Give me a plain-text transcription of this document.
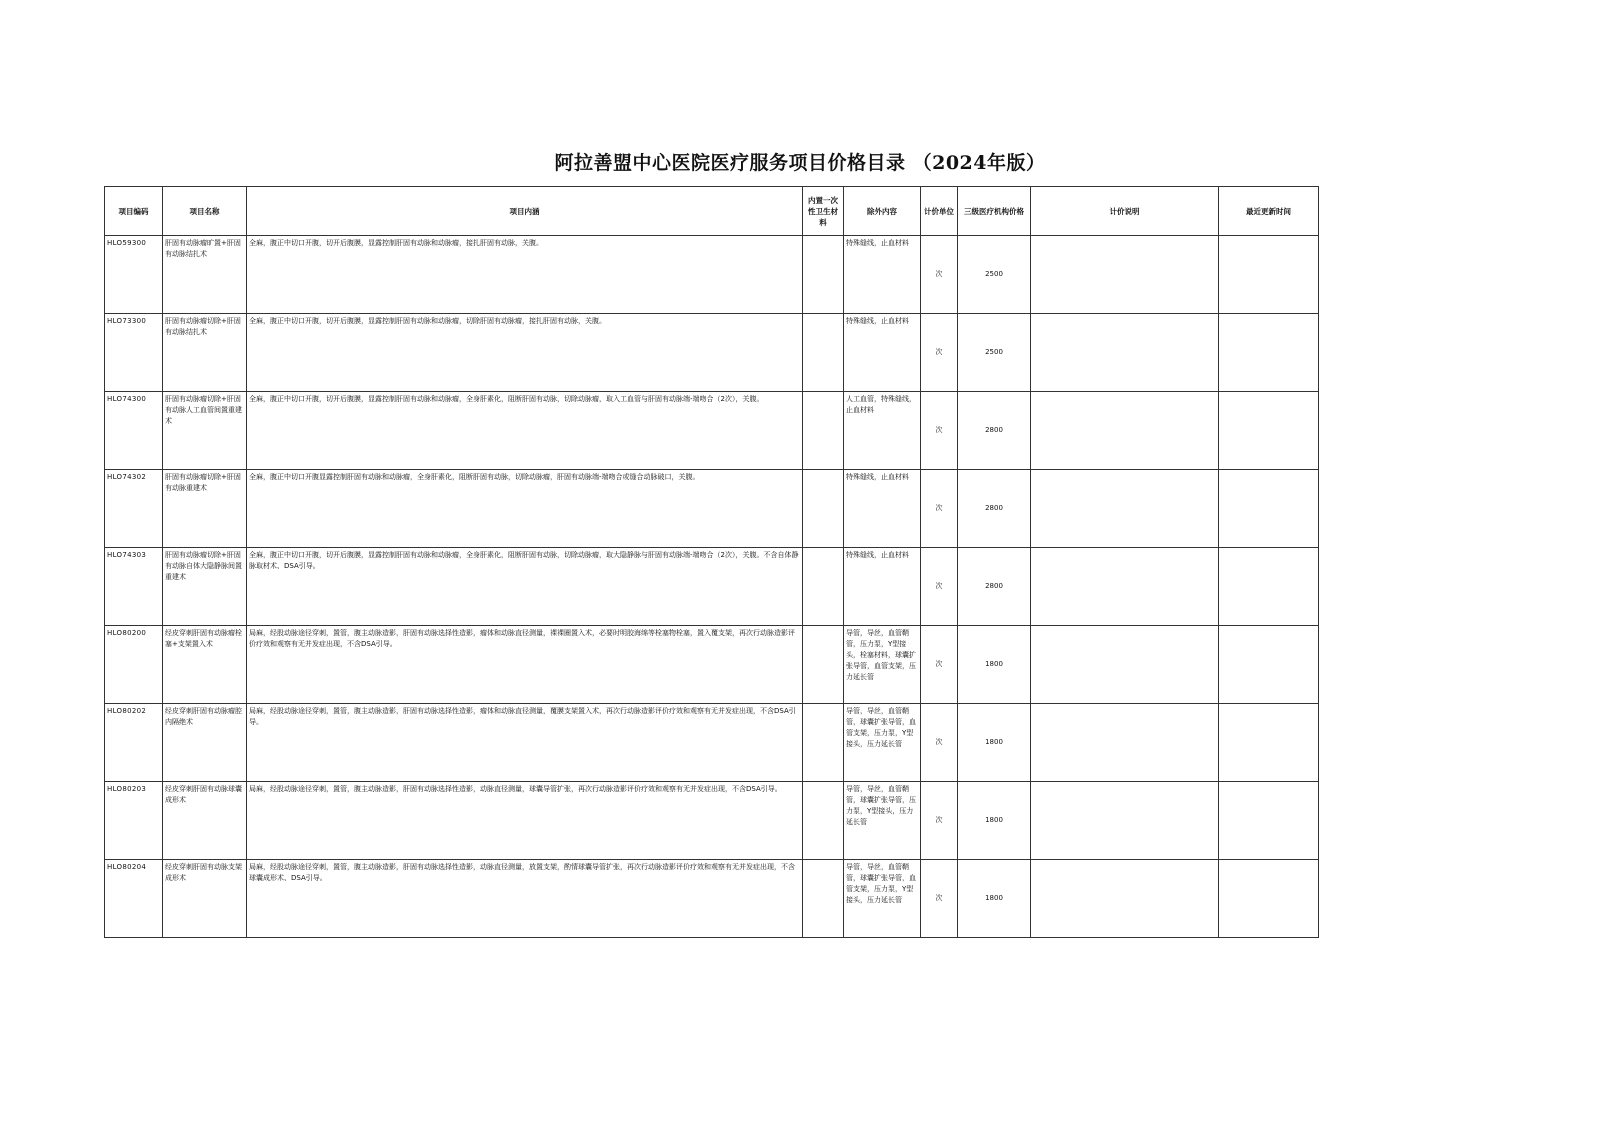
阿拉善盟中心医院医疗服务项目价格目录 （2024年版）
项目编码	项目名称	项目内涵	内置一次性卫生材料	除外内容	计价单位	三级医疗机构价格	计价说明	最近更新时间
HLO59300	肝固有动脉瘤旷置+肝固有动脉结扎术	全麻，腹正中切口开腹，切开后腹膜，显露控制肝固有动脉和动脉瘤，接扎肝固有动脉，关腹。		特殊缝线，止血材料	次	2500		
HLO73300	肝固有动脉瘤切除+肝固有动脉结扎术	全麻，腹正中切口开腹，切开后腹膜，显露控制肝固有动脉和动脉瘤，切除肝固有动脉瘤，接扎肝固有动脉，关腹。		特殊缝线，止血材料	次	2500		
HLO74300	肝固有动脉瘤切除+肝固有动脉人工血管间置重建术	全麻，腹正中切口开腹，切开后腹膜，显露控制肝固有动脉和动脉瘤，全身肝素化，阻断肝固有动脉，切除动脉瘤，取入工血管与肝固有动脉端-端吻合（2次），关腹。		人工血管，特殊缝线，止血材料	次	2800		
HLO74302	肝固有动脉瘤切除+肝固有动脉重建术	全麻，腹正中切口开腹显露控制肝固有动脉和动脉瘤，全身肝素化，阻断肝固有动脉，切除动脉瘤，肝固有动脉端-端吻合或缝合动脉破口，关腹。		特殊缝线，止血材料	次	2800		
HLO74303	肝固有动脉瘤切除+肝固有动脉自体大隐静脉间置重建术	全麻，腹正中切口开腹，切开后腹膜，显露控制肝固有动脉和动脉瘤，全身肝素化，阻断肝固有动脉，切除动脉瘤，取大隐静脉与肝固有动脉端-端吻合（2次），关腹。不含自体静脉取材术、DSA引导。		特殊缝线，止血材料	次	2800		
HLO80200	经皮穿刺肝固有动脉瘤栓塞+支架置入术	局麻，经股动脉途径穿刺，置管，腹主动脉造影，肝固有动脉选择性造影，瘤体和动脉直径测量，裸裸圈置入术，必要时明胶海绵等栓塞物栓塞，置入覆支架，再次行动脉造影评价疗效和观察有无并发症出现，不含DSA引导。		导管，导丝，血管鞘管，压力泵，Y型接头，栓塞材料，球囊扩张导管，血管支架，压力延长管	次	1800		
HLO80202	经皮穿刺肝固有动脉瘤腔内隔绝术	局麻，经股动脉途径穿刺，置管，腹主动脉造影，肝固有动脉选择性造影，瘤体和动脉直径测量，覆膜支架置入术，再次行动脉造影评价疗效和观察有无并发症出现，不含DSA引导。		导管，导丝，血管鞘管，球囊扩张导管，血管支架，压力泵，Y型接头，压力延长管	次	1800		
HLO80203	经皮穿刺肝固有动脉球囊成形术	局麻，经股动脉途径穿刺，置管，腹主动脉造影，肝固有动脉选择性造影，动脉直径测量，球囊导管扩张，再次行动脉造影评价疗效和观察有无并发症出现，不含DSA引导。		导管，导丝，血管鞘管，球囊扩张导管，压力泵，Y型接头，压力延长管	次	1800		
HLO80204	经皮穿刺肝固有动脉支架成形术	局麻，经股动脉途径穿刺，置管，腹主动脉造影，肝固有动脉选择性造影，动脉直径测量，放置支架，酌情球囊导管扩张，再次行动脉造影评价疗效和观察有无并发症出现，不含球囊成形术、DSA引导。		导管，导丝，血管鞘管，球囊扩张导管，血管支架，压力泵，Y型接头，压力延长管	次	1800		
